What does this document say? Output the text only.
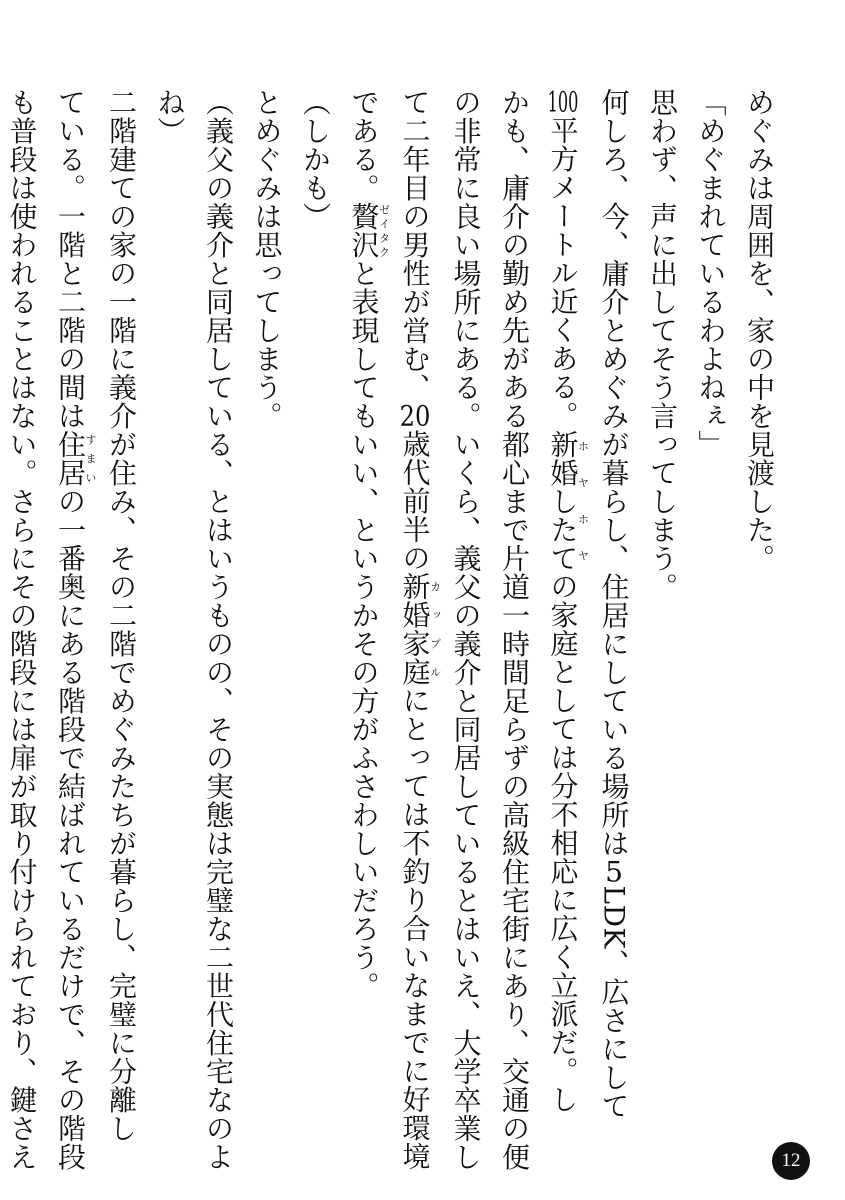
めぐみは周囲を、家の中を見渡した。

「めぐまれているわよねぇ」

思わず、声に出してそう言ってしまう。

何しろ、今、庸介とめぐみが暮らし、住居にしている場所は5LDK、広さにして

100平方メートル近くある。新婚したてホヤホヤの家庭としては分不相応に広く立派だ。し

かも、庸介の勤め先がある都心まで片道一時間足らずの高級住宅街にあり、交通の便

の非常に良い場所にある。いくら、義父の義介と同居しているとはいえ、大学卒業し

て二年目の男性が営む、20歳代前半の新婚家庭カップルにとっては不釣り合いなまでに好環境

である。贅沢ゼイタクと表現してもいい、というかその方がふさわしいだろう。

（しかも）

とめぐみは思ってしまう。

（義父の義介と同居している、とはいうものの、その実態は完璧な二世代住宅なのよ

ね）

二階建ての家の一階に義介が住み、その二階でめぐみたちが暮らし、完璧に分離し

ている。一階と二階の間は住居すまいの一番奥にある階段で結ばれているだけで、その階段

も普段は使われることはない。さらにその階段には扉が取り付けられており、鍵さえ	12
